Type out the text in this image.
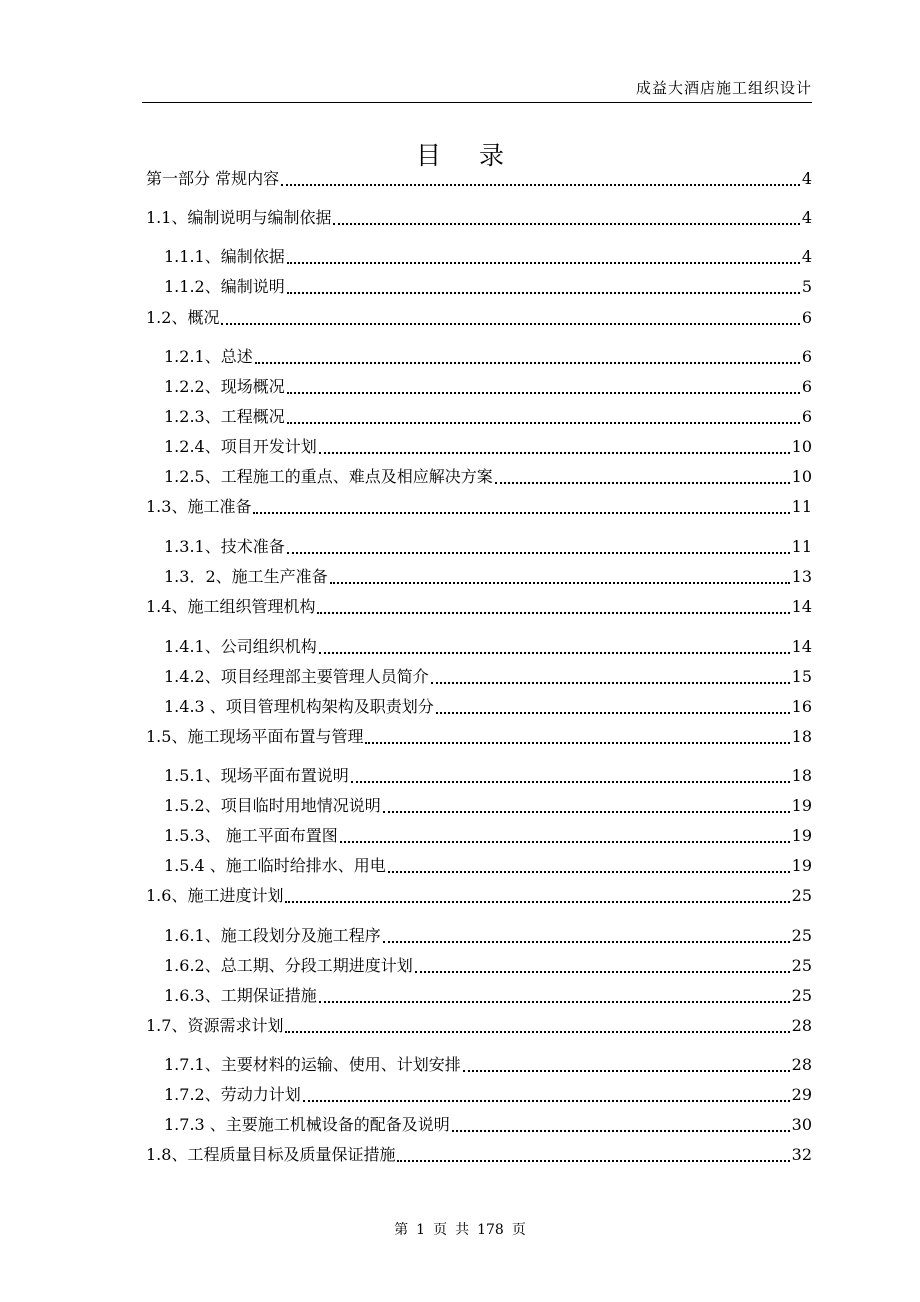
成益大酒店施工组织设计
目录
第一部分 常规内容	4
1.1、编制说明与编制依据	4
1.1.1、编制依据	4
1.1.2、编制说明	5
1.2、概况	6
1.2.1、总述	6
1.2.2、现场概况	6
1.2.3、工程概况	6
1.2.4、项目开发计划	10
1.2.5、工程施工的重点、难点及相应解决方案	10
1.3、施工准备	11
1.3.1、技术准备	11
1.3．2、施工生产准备	13
1.4、施工组织管理机构	14
1.4.1、公司组织机构	14
1.4.2、项目经理部主要管理人员简介	15
1.4.3 、项目管理机构架构及职责划分	16
1.5、施工现场平面布置与管理	18
1.5.1、现场平面布置说明	18
1.5.2、项目临时用地情况说明	19
1.5.3、 施工平面布置图	19
1.5.4 、施工临时给排水、用电	19
1.6、施工进度计划	25
1.6.1、施工段划分及施工程序	25
1.6.2、总工期、分段工期进度计划	25
1.6.3、工期保证措施	25
1.7、资源需求计划	28
1.7.1、主要材料的运输、使用、计划安排	28
1.7.2、劳动力计划	29
1.7.3 、主要施工机械设备的配备及说明	30
1.8、工程质量目标及质量保证措施	32
第 1 页 共 178 页
